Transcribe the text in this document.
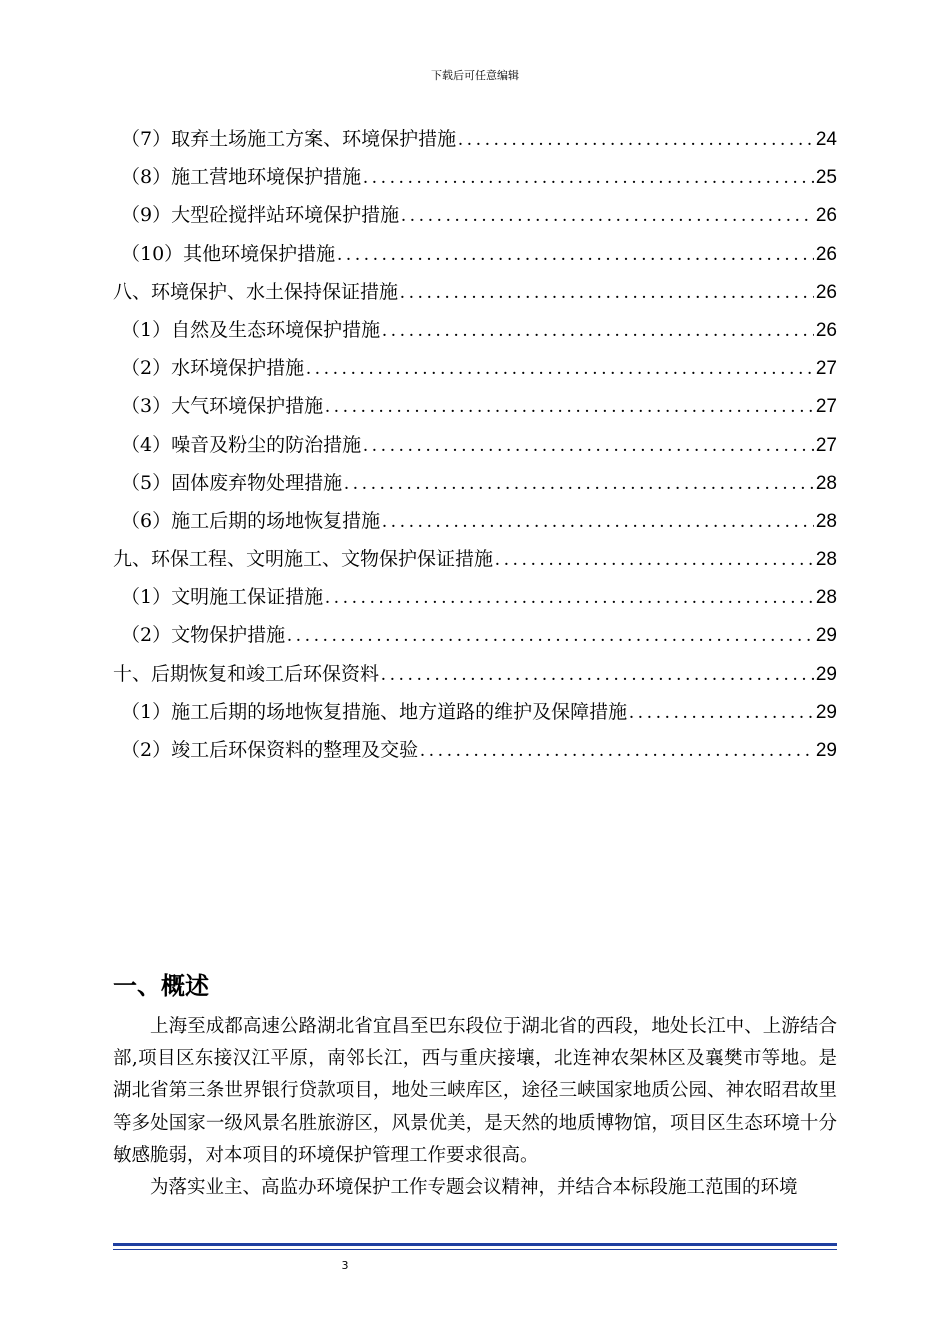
下载后可任意编辑
（7）取弃土场施工方案、环境保护措施 .....	24
（8）施工营地环境保护措施 .....	25
（9）大型砼搅拌站环境保护措施 .....	26
（10）其他环境保护措施 .....	26
八、环境保护、水土保持保证措施 .....	26
（1）自然及生态环境保护措施 .....	26
（2）水环境保护措施 .....	27
（3）大气环境保护措施 .....	27
（4）噪音及粉尘的防治措施 .....	27
（5）固体废弃物处理措施 .....	28
（6）施工后期的场地恢复措施 .....	28
九、环保工程、文明施工、文物保护保证措施 .....	28
（1）文明施工保证措施 .....	28
（2）文物保护措施 .....	29
十、后期恢复和竣工后环保资料 .....	29
（1）施工后期的场地恢复措施、地方道路的维护及保障措施 .....	29
（2）竣工后环保资料的整理及交验 .....	29
一、概述

上海至成都高速公路湖北省宜昌至巴东段位于湖北省的西段，地处长江中、上游结合部,项目区东接汉江平原，南邻长江，西与重庆接壤，北连神农架林区及襄樊市等地。是湖北省第三条世界银行贷款项目，地处三峡库区，途径三峡国家地质公园、神农昭君故里等多处国家一级风景名胜旅游区，风景优美，是天然的地质博物馆，项目区生态环境十分敏感脆弱，对本项目的环境保护管理工作要求很高。

为落实业主、高监办环境保护工作专题会议精神，并结合本标段施工范围的环境

3
